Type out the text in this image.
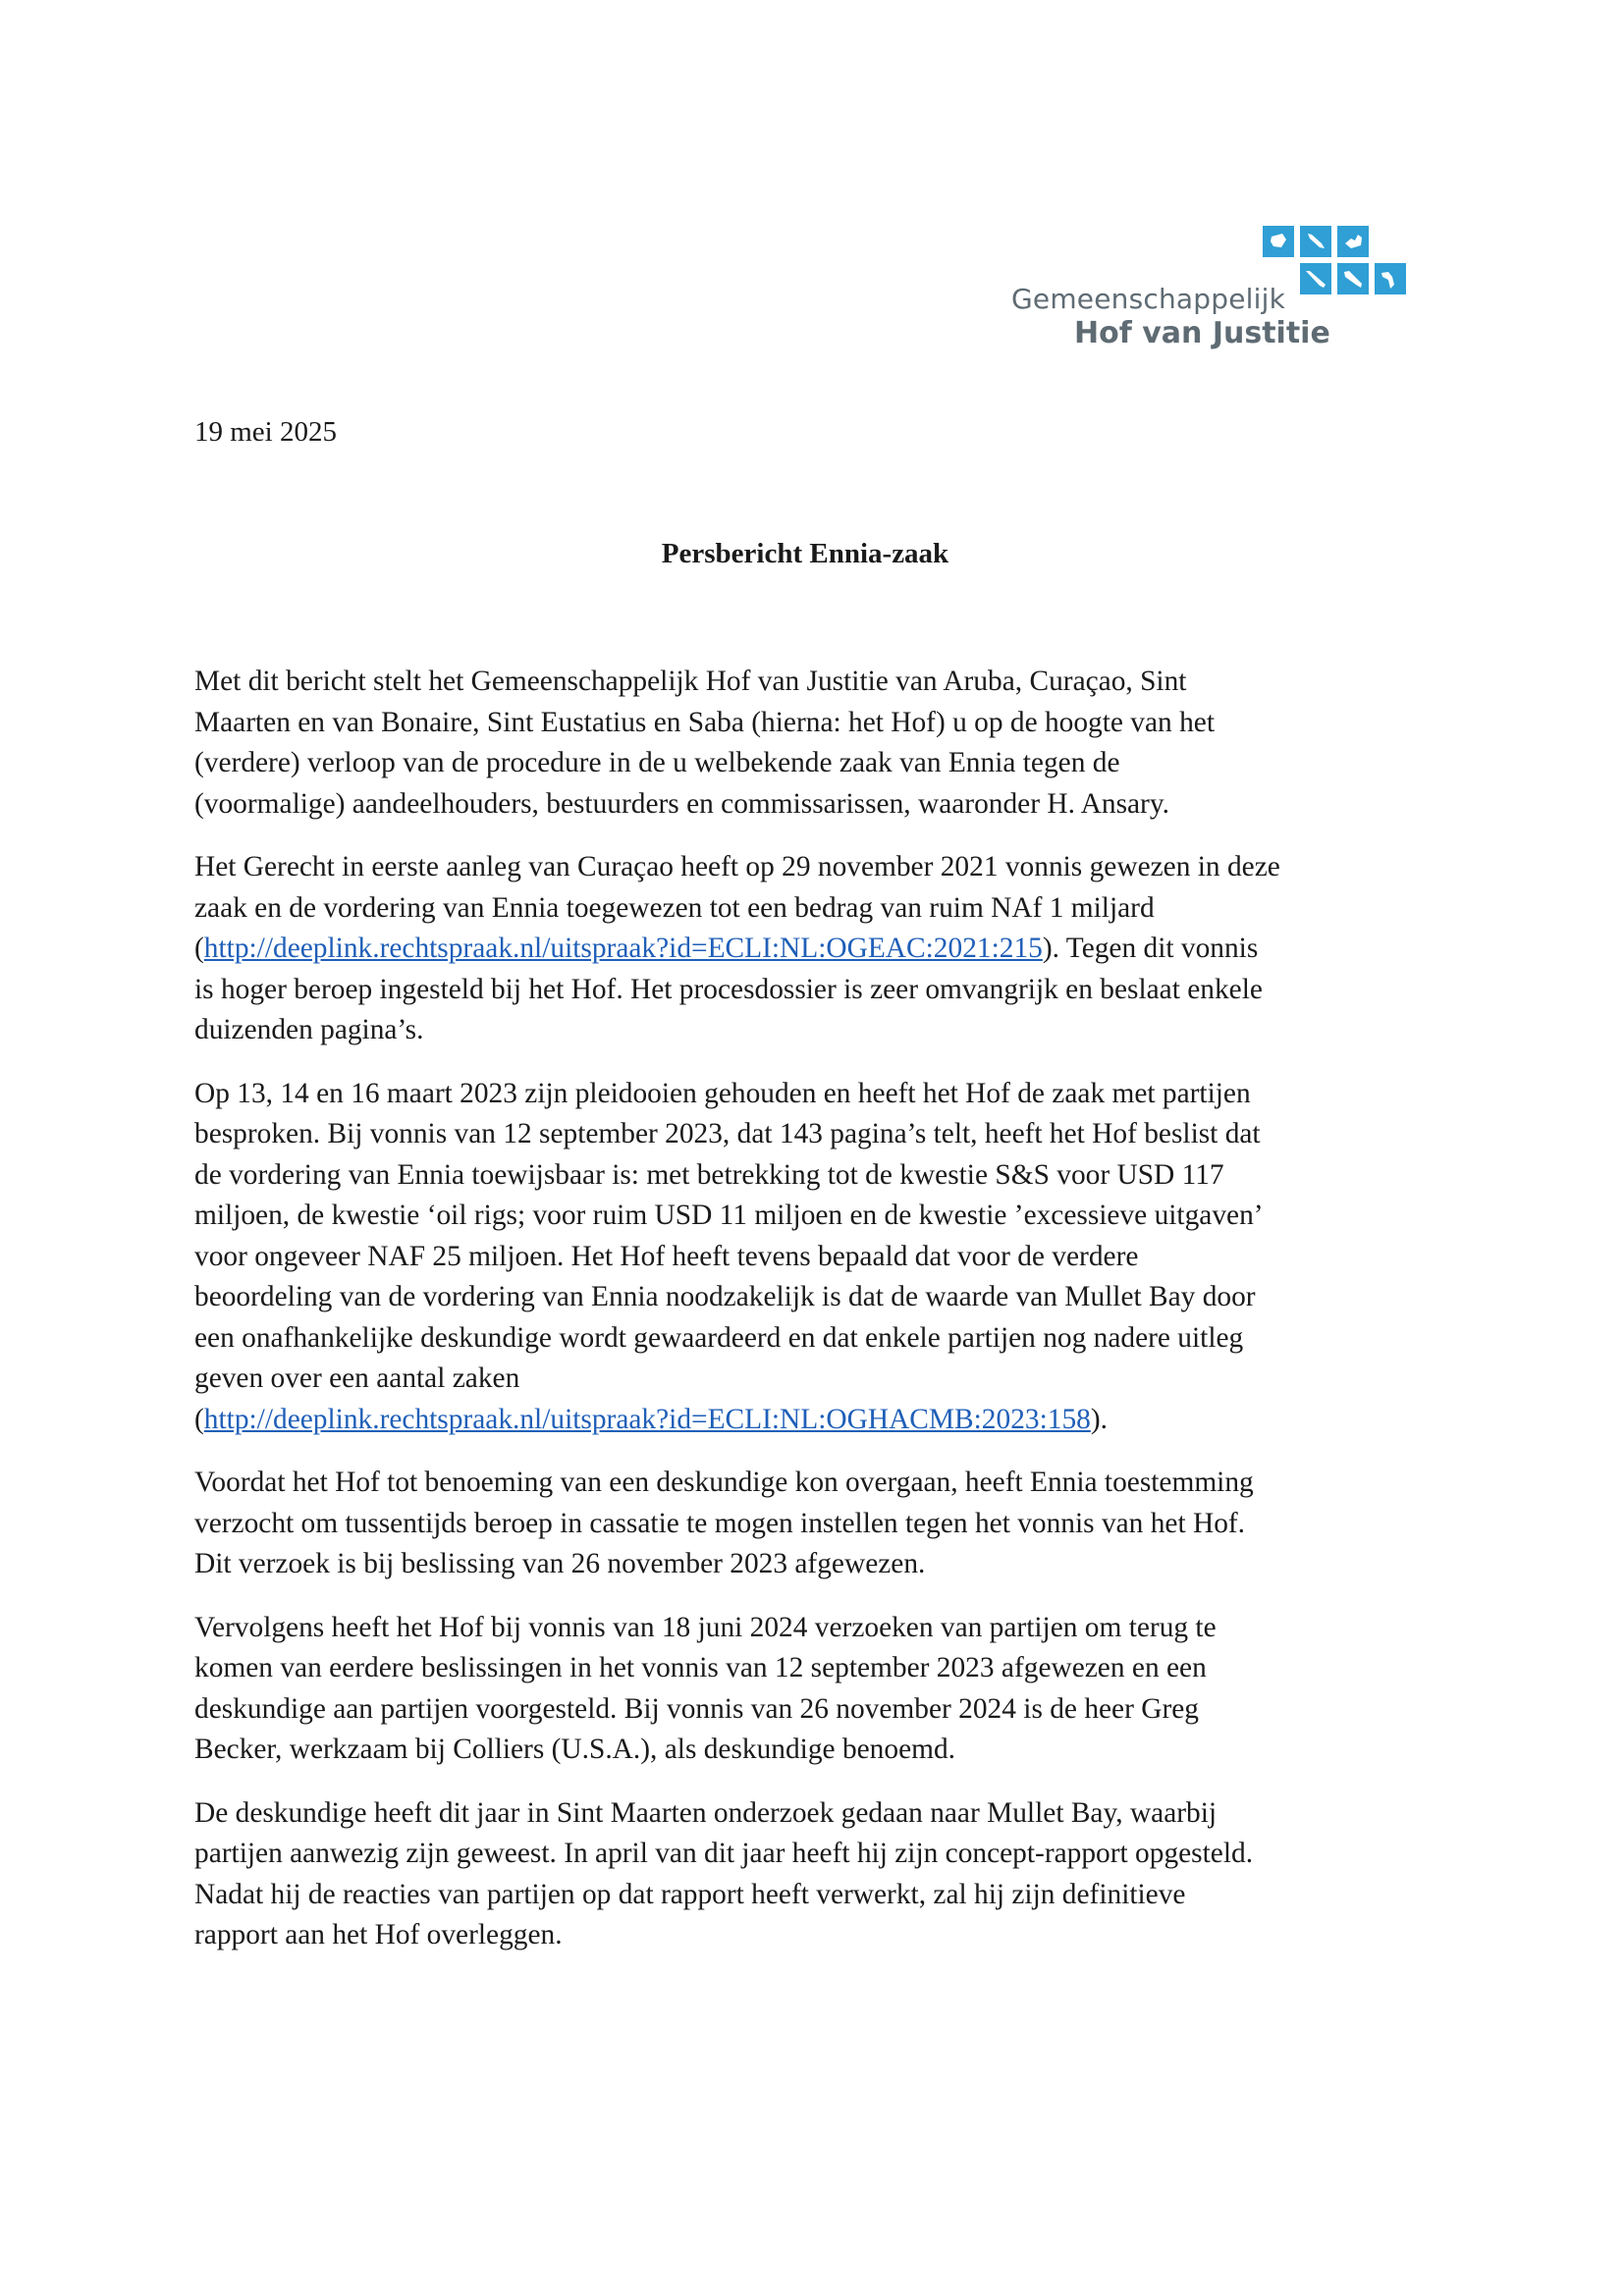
Gemeenschappelijk
Hof van Justitie
19 mei 2025
Persbericht Ennia-zaak

Met dit bericht stelt het Gemeenschappelijk Hof van Justitie van Aruba, Curaçao, Sint
Maarten en van Bonaire, Sint Eustatius en Saba (hierna: het Hof) u op de hoogte van het
(verdere) verloop van de procedure in de u welbekende zaak van Ennia tegen de
(voormalige) aandeelhouders, bestuurders en commissarissen, waaronder H. Ansary.

Het Gerecht in eerste aanleg van Curaçao heeft op 29 november 2021 vonnis gewezen in deze
zaak en de vordering van Ennia toegewezen tot een bedrag van ruim NAf 1 miljard
(http://deeplink.rechtspraak.nl/uitspraak?id=ECLI:NL:OGEAC:2021:215). Tegen dit vonnis
is hoger beroep ingesteld bij het Hof. Het procesdossier is zeer omvangrijk en beslaat enkele
duizenden pagina’s.

Op 13, 14 en 16 maart 2023 zijn pleidooien gehouden en heeft het Hof de zaak met partijen
besproken. Bij vonnis van 12 september 2023, dat 143 pagina’s telt, heeft het Hof beslist dat
de vordering van Ennia toewijsbaar is: met betrekking tot de kwestie S&S voor USD 117
miljoen, de kwestie ‘oil rigs; voor ruim USD 11 miljoen en de kwestie ’excessieve uitgaven’
voor ongeveer NAF 25 miljoen. Het Hof heeft tevens bepaald dat voor de verdere
beoordeling van de vordering van Ennia noodzakelijk is dat de waarde van Mullet Bay door
een onafhankelijke deskundige wordt gewaardeerd en dat enkele partijen nog nadere uitleg
geven over een aantal zaken
(http://deeplink.rechtspraak.nl/uitspraak?id=ECLI:NL:OGHACMB:2023:158).

Voordat het Hof tot benoeming van een deskundige kon overgaan, heeft Ennia toestemming
verzocht om tussentijds beroep in cassatie te mogen instellen tegen het vonnis van het Hof.
Dit verzoek is bij beslissing van 26 november 2023 afgewezen.

Vervolgens heeft het Hof bij vonnis van 18 juni 2024 verzoeken van partijen om terug te
komen van eerdere beslissingen in het vonnis van 12 september 2023 afgewezen en een
deskundige aan partijen voorgesteld. Bij vonnis van 26 november 2024 is de heer Greg
Becker, werkzaam bij Colliers (U.S.A.), als deskundige benoemd.

De deskundige heeft dit jaar in Sint Maarten onderzoek gedaan naar Mullet Bay, waarbij
partijen aanwezig zijn geweest. In april van dit jaar heeft hij zijn concept-rapport opgesteld.
Nadat hij de reacties van partijen op dat rapport heeft verwerkt, zal hij zijn definitieve
rapport aan het Hof overleggen.
